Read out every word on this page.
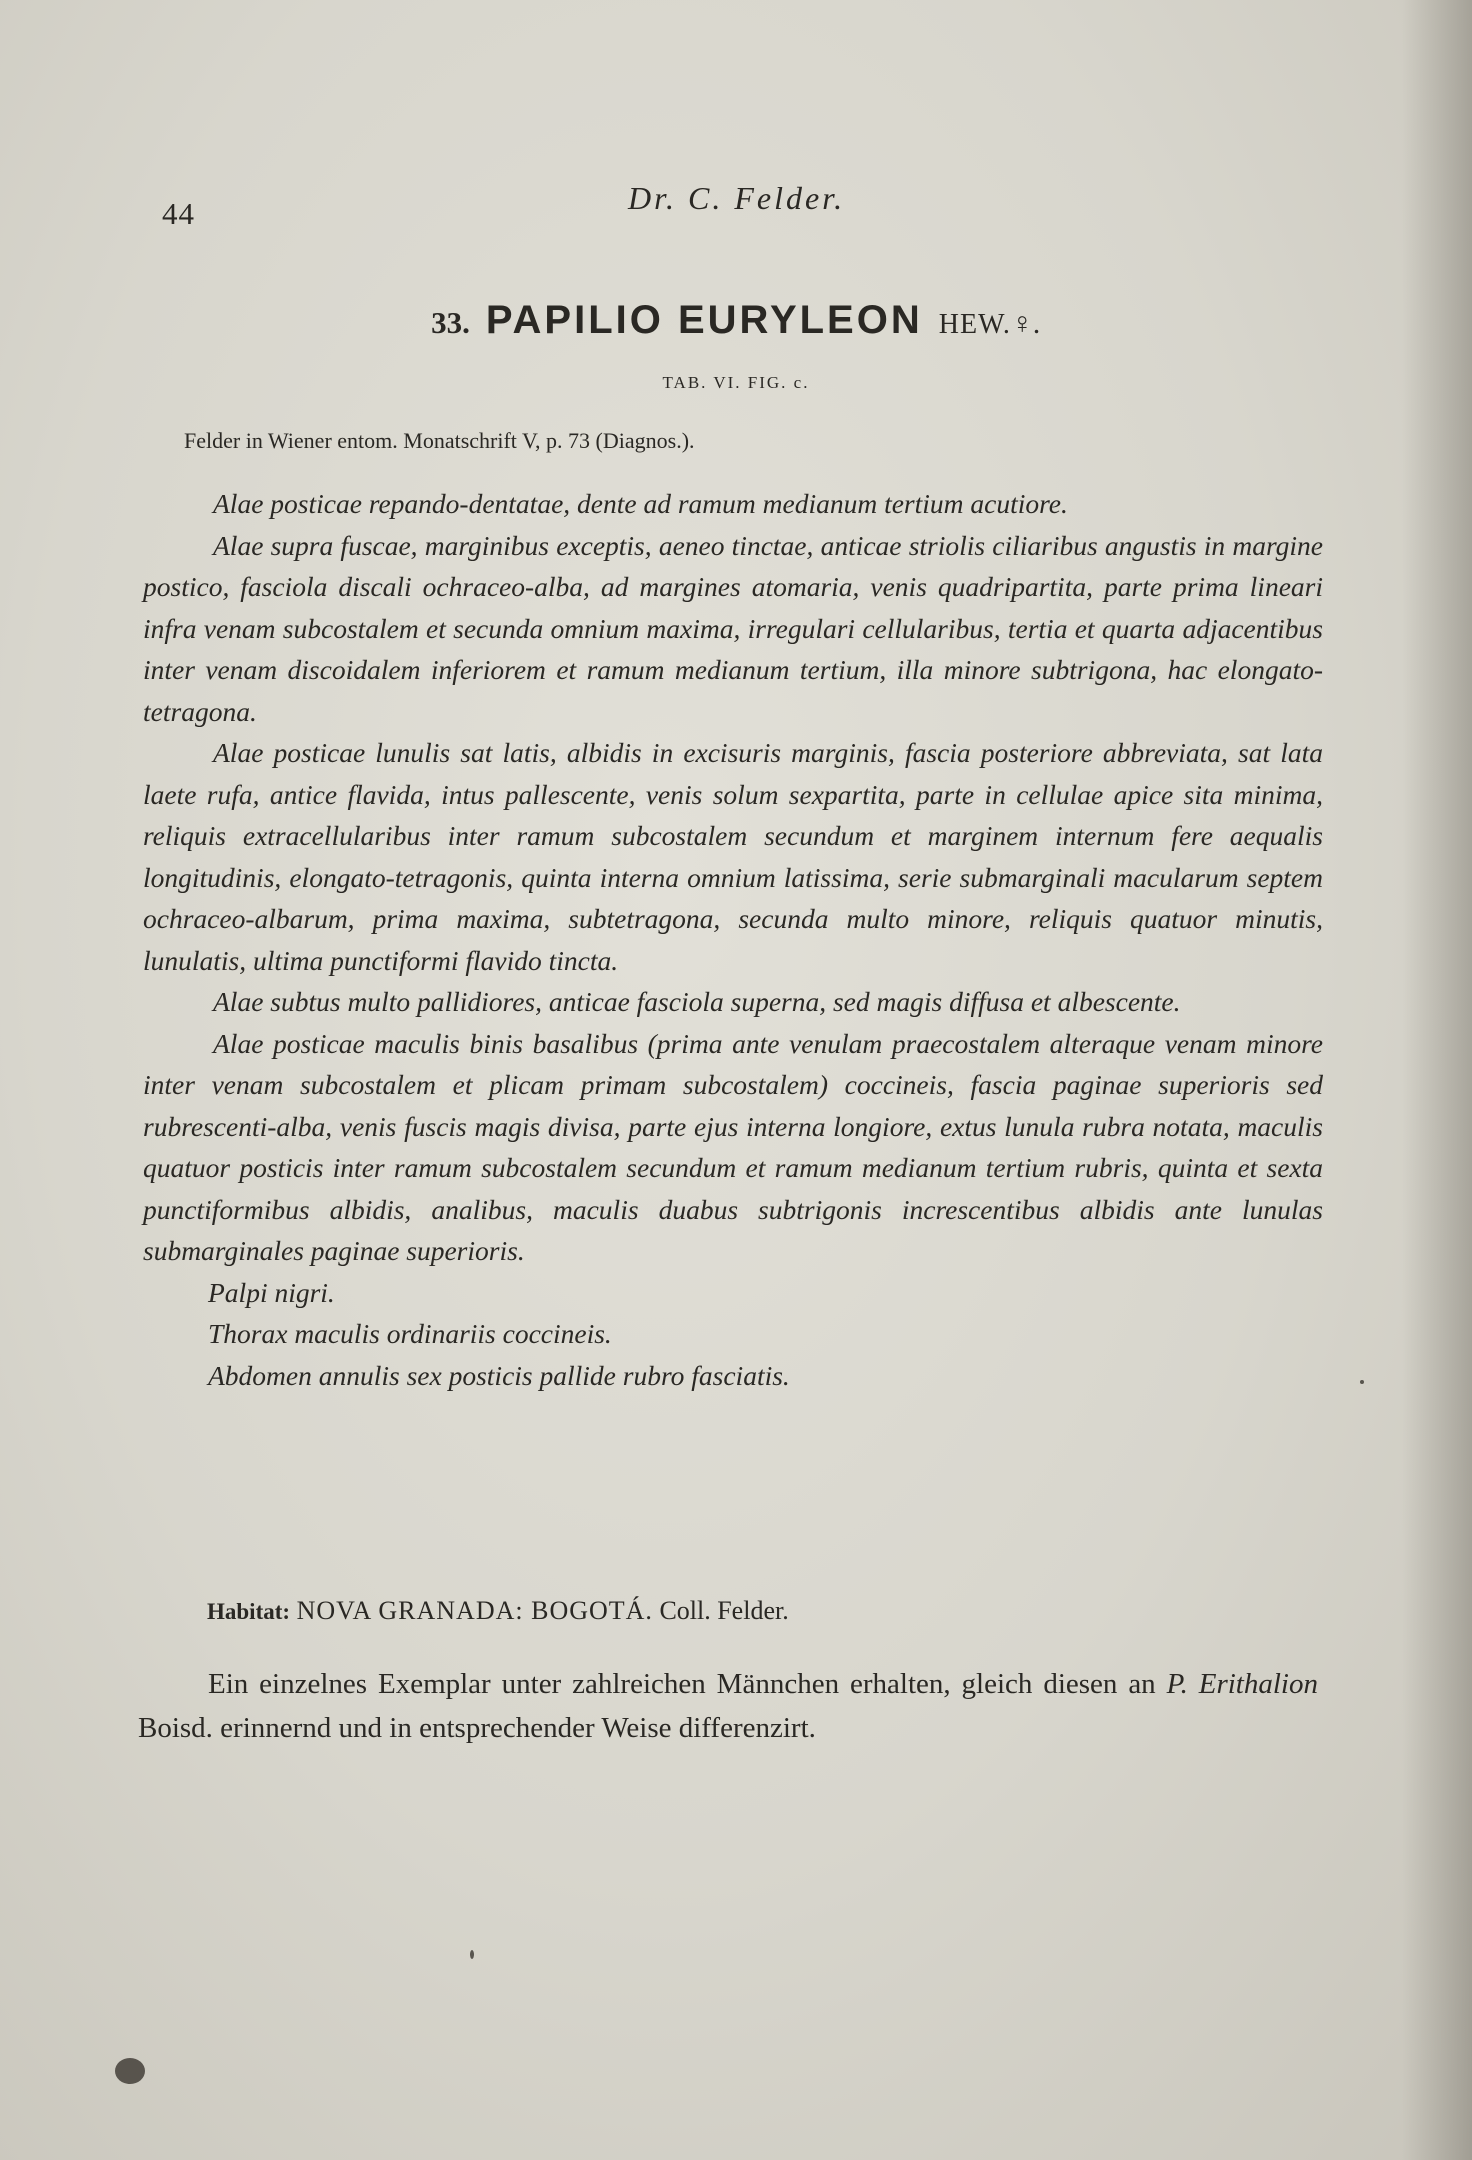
44	Dr. C. Felder.
33. PAPILIO EURYLEON HEW.♀.
TAB. VI. FIG. c.
Felder in Wiener entom. Monatschrift V, p. 73 (Diagnos.).

Alae posticae repando-dentatae, dente ad ramum medianum tertium acutiore.

Alae supra fuscae, marginibus exceptis, aeneo tinctae, anticae striolis ciliaribus angustis in margine postico, fasciola discali ochraceo-alba, ad margines atomaria, venis quadripartita, parte prima lineari infra venam subcostalem et secunda omnium maxima, irregulari cellularibus, tertia et quarta adjacentibus inter venam discoidalem inferiorem et ramum medianum tertium, illa minore subtrigona, hac elongato-tetragona.

Alae posticae lunulis sat latis, albidis in excisuris marginis, fascia posteriore abbreviata, sat lata laete rufa, antice flavida, intus pallescente, venis solum sexpartita, parte in cellulae apice sita minima, reliquis extracellularibus inter ramum subcostalem secundum et marginem internum fere aequalis longitudinis, elongato-tetragonis, quinta interna omnium latissima, serie submarginali macularum septem ochraceo-albarum, prima maxima, subtetragona, secunda multo minore, reliquis quatuor minutis, lunulatis, ultima punctiformi flavido tincta.

Alae subtus multo pallidiores, anticae fasciola superna, sed magis diffusa et albescente.

Alae posticae maculis binis basalibus (prima ante venulam praecostalem alteraque venam minore inter venam subcostalem et plicam primam subcostalem) coccineis, fascia paginae superioris sed rubrescenti-alba, venis fuscis magis divisa, parte ejus interna longiore, extus lunula rubra notata, maculis quatuor posticis inter ramum subcostalem secundum et ramum medianum tertium rubris, quinta et sexta punctiformibus albidis, analibus, maculis duabus subtrigonis increscentibus albidis ante lunulas submarginales paginae superioris.

Palpi nigri.

Thorax maculis ordinariis coccineis.

Abdomen annulis sex posticis pallide rubro fasciatis.

Habitat: NOVA GRANADA: BOGOTÁ. Coll. Felder.

Ein einzelnes Exemplar unter zahlreichen Männchen erhalten, gleich diesen an P. Erithalion Boisd. erinnernd und in entsprechender Weise differenzirt.
